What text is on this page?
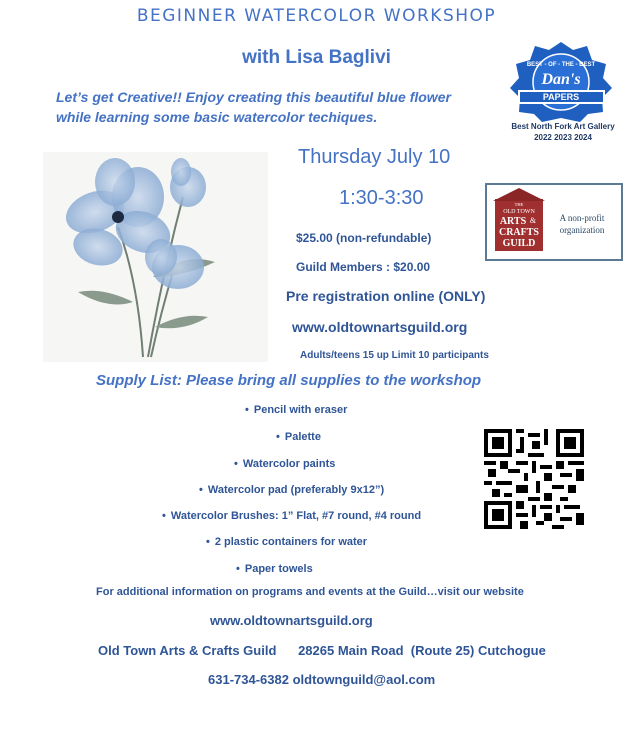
BEGINNER WATERCOLOR WORKSHOP
with Lisa Baglivi
Let’s get Creative!! Enjoy creating this beautiful blue flower
while learning some basic watercolor techiques.
BEST - OF - THE - BEST
Dan's
PAPERS
Best North Fork Art Gallery
2022 2023 2024
Thursday July 10
1:30-3:30	THE
OLD TOWN
ARTS &
CRAFTS
GUILD
A non-profit
organization
$25.00 (non-refundable)
Guild Members : $20.00
Pre registration online (ONLY)
www.oldtownartsguild.org
Adults/teens 15 up Limit 10 participants
Supply List: Please bring all supplies to the workshop
• Pencil with eraser
• Palette
• Watercolor paints
• Watercolor pad (preferably 9x12”)
• Watercolor Brushes: 1” Flat, #7 round, #4 round
• 2 plastic containers for water
• Paper towels
For additional information on programs and events at the Guild…visit our website
www.oldtownartsguild.org
Old Town Arts & Crafts Guild 28265 Main Road  (Route 25) Cutchogue
631-734-6382 oldtownguild@aol.com
